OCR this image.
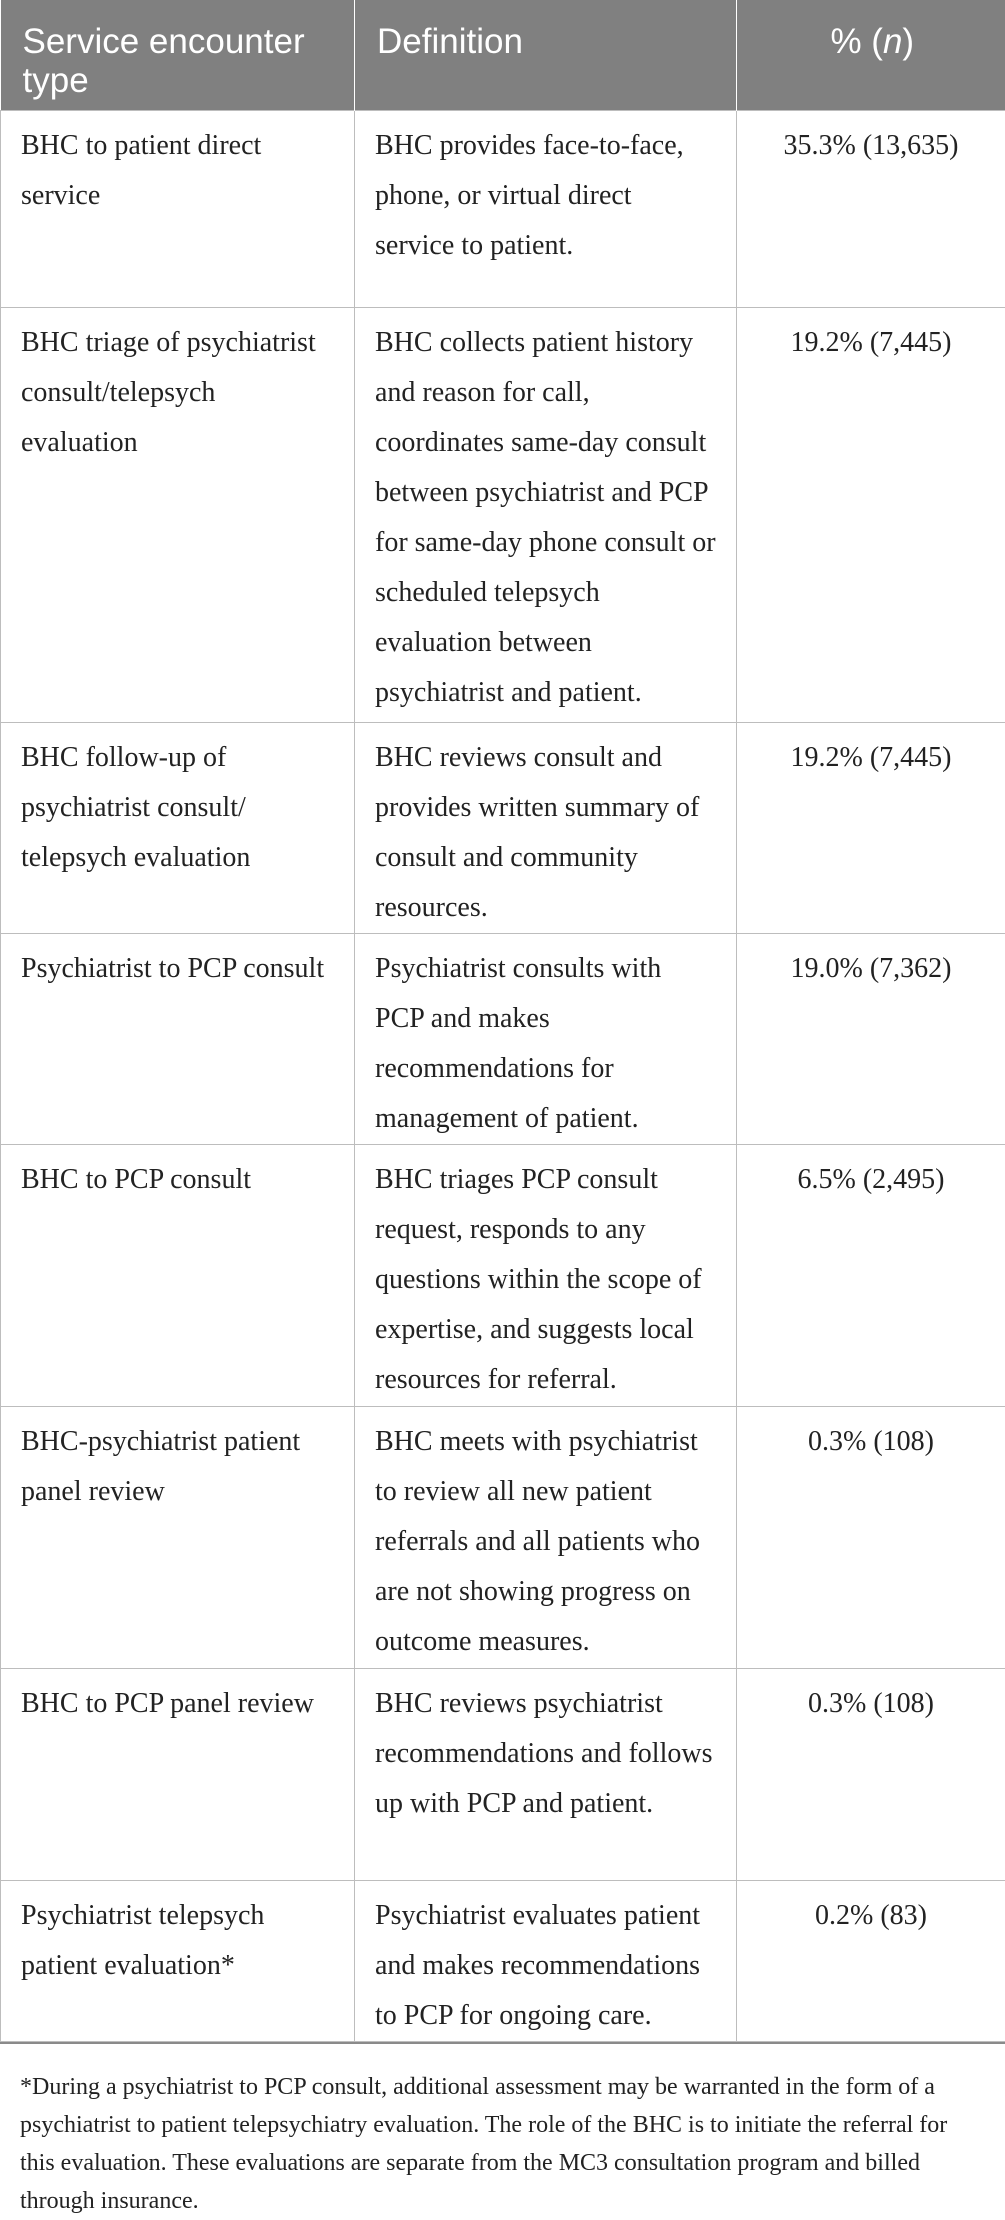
Service encounter type	Definition	% (n)
BHC to patient direct service	BHC provides face-to-face, phone, or virtual direct service to patient.	35.3% (13,635)
BHC triage of psychiatrist consult/telepsych evaluation	BHC collects patient history and reason for call, coordinates same-day consult between psychiatrist and PCP for same-day phone consult or scheduled telepsych evaluation between psychiatrist and patient.	19.2% (7,445)
BHC follow-up of psychiatrist consult/ telepsych evaluation	BHC reviews consult and provides written summary of consult and community resources.	19.2% (7,445)
Psychiatrist to PCP consult	Psychiatrist consults with PCP and makes recommendations for management of patient.	19.0% (7,362)
BHC to PCP consult	BHC triages PCP consult request, responds to any questions within the scope of expertise, and suggests local resources for referral.	6.5% (2,495)
BHC-psychiatrist patient panel review	BHC meets with psychiatrist to review all new patient referrals and all patients who are not showing progress on outcome measures.	0.3% (108)
BHC to PCP panel review	BHC reviews psychiatrist recommendations and follows up with PCP and patient.	0.3% (108)
Psychiatrist telepsych patient evaluation*	Psychiatrist evaluates patient and makes recommendations to PCP for ongoing care.	0.2% (83)
*During a psychiatrist to PCP consult, additional assessment may be warranted in the form of a psychiatrist to patient telepsychiatry evaluation. The role of the BHC is to initiate the referral for this evaluation. These evaluations are separate from the MC3 consultation program and billed through insurance.
